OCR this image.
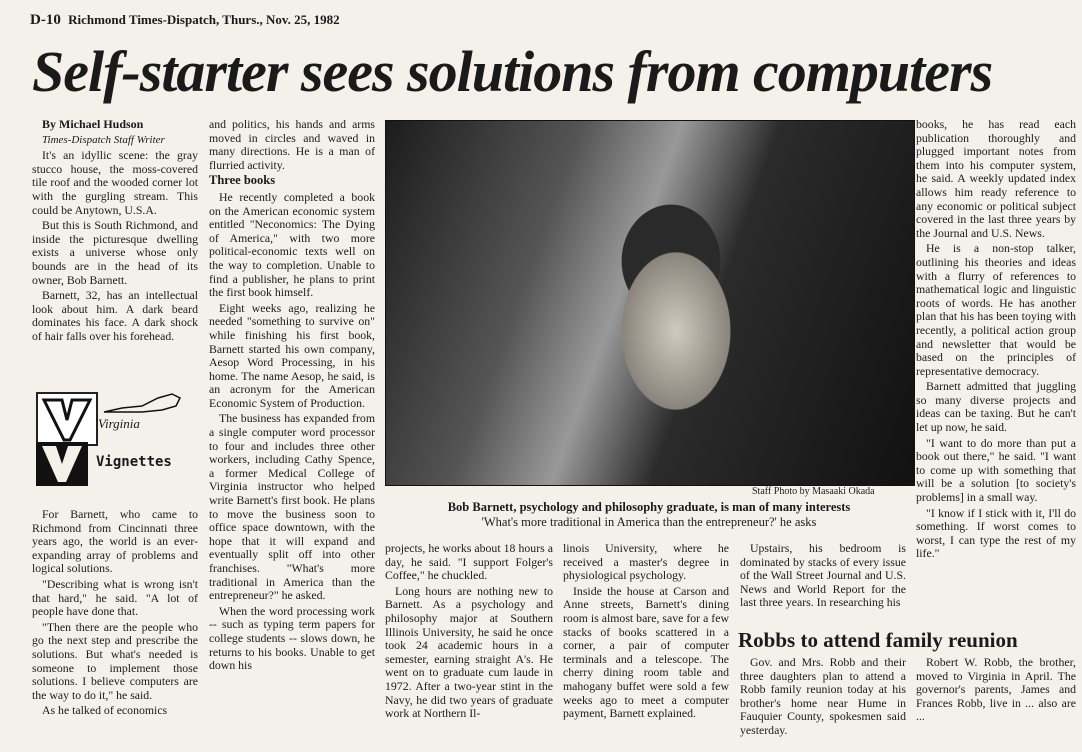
D-10 Richmond Times-Dispatch, Thurs., Nov. 25, 1982
Self-starter sees solutions from computers

By Michael Hudson

Times-Dispatch Staff Writer

It's an idyllic scene: the gray stucco house, the moss-covered tile roof and the wooded corner lot with the gurgling stream. This could be Anytown, U.S.A.

But this is South Richmond, and inside the picturesque dwelling exists a universe whose only bounds are in the head of its owner, Bob Barnett.

Barnett, 32, has an intellectual look about him. A dark beard dominates his face. A dark shock of hair falls over his forehead.

Virginia
Vignettes

For Barnett, who came to Richmond from Cincinnati three years ago, the world is an ever-expanding array of problems and logical solutions.

"Describing what is wrong isn't that hard," he said. "A lot of people have done that.

"Then there are the people who go the next step and prescribe the solutions. But what's needed is someone to implement those solutions. I believe computers are the way to do it," he said.

As he talked of economics

and politics, his hands and arms moved in circles and waved in many directions. He is a man of flurried activity.

Three books

He recently completed a book on the American economic system entitled "Neconomics: The Dying of America," with two more political-economic texts well on the way to completion. Unable to find a publisher, he plans to print the first book himself.

Eight weeks ago, realizing he needed "something to survive on" while finishing his first book, Barnett started his own company, Aesop Word Processing, in his home. The name Aesop, he said, is an acronym for the American Economic System of Production.

The business has expanded from a single computer word processor to four and includes three other workers, including Cathy Spence, a former Medical College of Virginia instructor who helped write Barnett's first book. He plans to move the business soon to office space downtown, with the hope that it will expand and eventually split off into other franchises. "What's more traditional in America than the entrepreneur?" he asked.

When the word processing work -- such as typing term papers for college students -- slows down, he returns to his books. Unable to get down his

Staff Photo by Masaaki Okada
Bob Barnett, psychology and philosophy graduate, is man of many interests
'What's more traditional in America than the entrepreneur?' he asks

projects, he works about 18 hours a day, he said. "I support Folger's Coffee," he chuckled.

Long hours are nothing new to Barnett. As a psychology and philosophy major at Southern Illinois University, he said he once took 24 academic hours in a semester, earning straight A's. He went on to graduate cum laude in 1972. After a two-year stint in the Navy, he did two years of graduate work at Northern Il-

linois University, where he received a master's degree in physiological psychology.

Inside the house at Carson and Anne streets, Barnett's dining room is almost bare, save for a few stacks of books scattered in a corner, a pair of computer terminals and a telescope. The cherry dining room table and mahogany buffet were sold a few weeks ago to meet a computer payment, Barnett explained.

Upstairs, his bedroom is dominated by stacks of every issue of the Wall Street Journal and U.S. News and World Report for the last three years. In researching his

books, he has read each publication thoroughly and plugged important notes from them into his computer system, he said. A weekly updated index allows him ready reference to any economic or political subject covered in the last three years by the Journal and U.S. News.

He is a non-stop talker, outlining his theories and ideas with a flurry of references to mathematical logic and linguistic roots of words. He has another plan that his has been toying with recently, a political action group and newsletter that would be based on the principles of representative democracy.

Barnett admitted that juggling so many diverse projects and ideas can be taxing. But he can't let up now, he said.

"I want to do more than put a book out there," he said. "I want to come up with something that will be a solution [to society's problems] in a small way.

"I know if I stick with it, I'll do something. If worst comes to worst, I can type the rest of my life."

Robbs to attend family reunion

Gov. and Mrs. Robb and their three daughters plan to attend a Robb family reunion today at his brother's home near Hume in Fauquier County, spokesmen said yesterday.

Robert W. Robb, the brother, moved to Virginia in April. The governor's parents, James and Frances Robb, live in ... also are ...
